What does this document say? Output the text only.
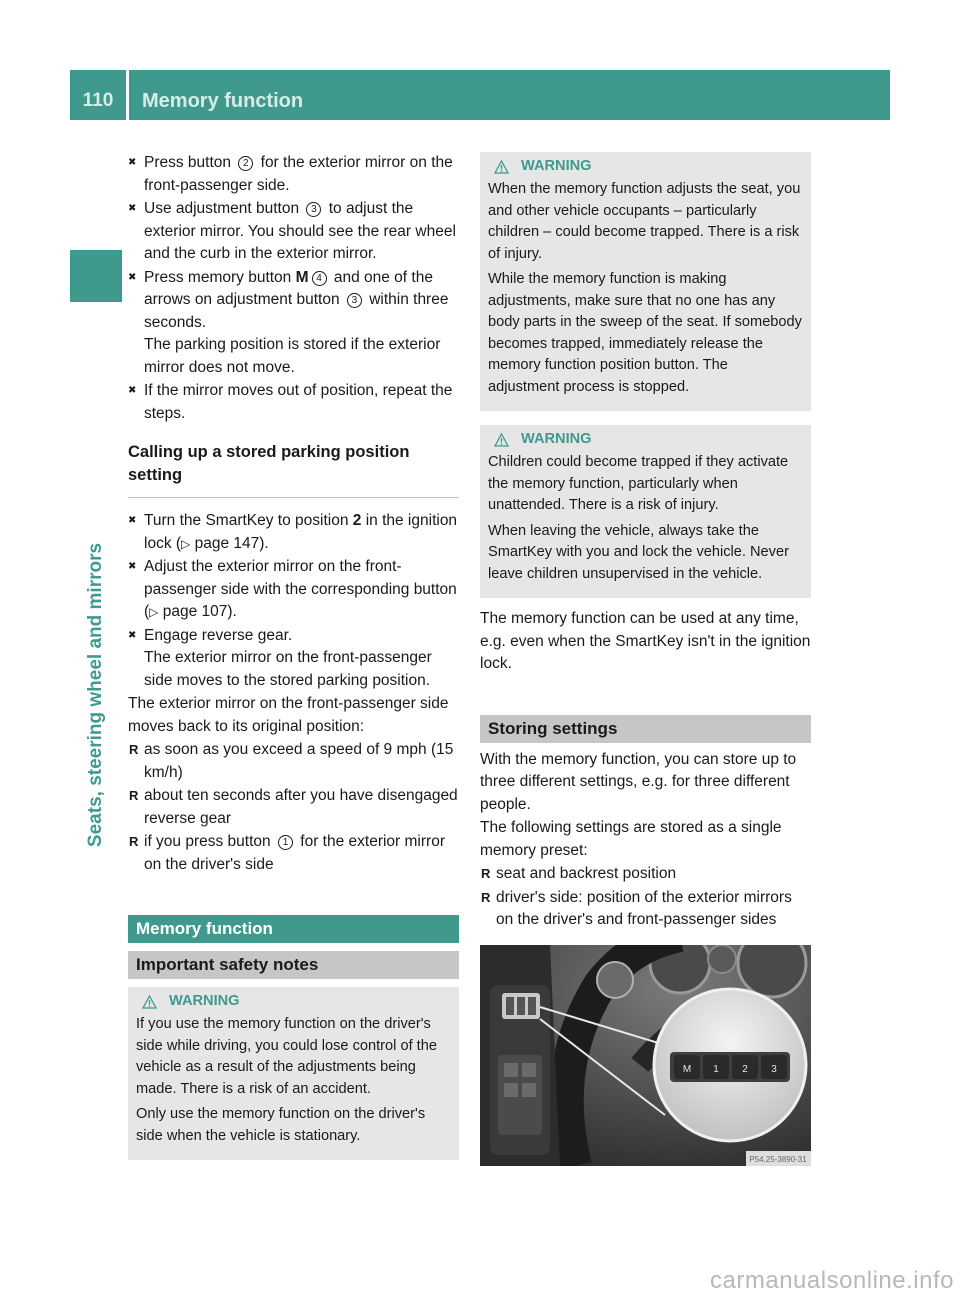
110	Memory function
Seats, steering wheel and mirrors
✖ Press button 2 for the exterior mirror on the front-passenger side.
✖ Use adjustment button 3 to adjust the exterior mirror. You should see the rear wheel and the curb in the exterior mirror.
✖ Press memory button M 4 and one of the arrows on adjustment button 3 within three seconds.
The parking position is stored if the exterior mirror does not move.
✖ If the mirror moves out of position, repeat the steps.
Calling up a stored parking position setting
✖ Turn the SmartKey to position 2 in the ignition lock (▷ page 147).
✖ Adjust the exterior mirror on the front-passenger side with the corresponding button (▷ page 107).
✖ Engage reverse gear.
The exterior mirror on the front-passenger side moves to the stored parking position.
The exterior mirror on the front-passenger side moves back to its original position:
R as soon as you exceed a speed of 9 mph (15 km/h)
R about ten seconds after you have disengaged reverse gear
R if you press button 1 for the exterior mirror on the driver's side
Memory function
Important safety notes
WARNING

If you use the memory function on the driver's side while driving, you could lose control of the vehicle as a result of the adjustments being made. There is a risk of an accident.

Only use the memory function on the driver's side when the vehicle is stationary.

WARNING

When the memory function adjusts the seat, you and other vehicle occupants – particularly children – could become trapped. There is a risk of injury.

While the memory function is making adjustments, make sure that no one has any body parts in the sweep of the seat. If somebody becomes trapped, immediately release the memory function position button. The adjustment process is stopped.

WARNING

Children could become trapped if they activate the memory function, particularly when unattended. There is a risk of injury.

When leaving the vehicle, always take the SmartKey with you and lock the vehicle. Never leave children unsupervised in the vehicle.

The memory function can be used at any time, e.g. even when the SmartKey isn't in the ignition lock.
Storing settings
With the memory function, you can store up to three different settings, e.g. for three different people.
The following settings are stored as a single memory preset:
R seat and backrest position
R driver's side: position of the exterior mirrors on the driver's and front-passenger sides
M 1 2 3
P54.25-3890-31
carmanualsonline.info
